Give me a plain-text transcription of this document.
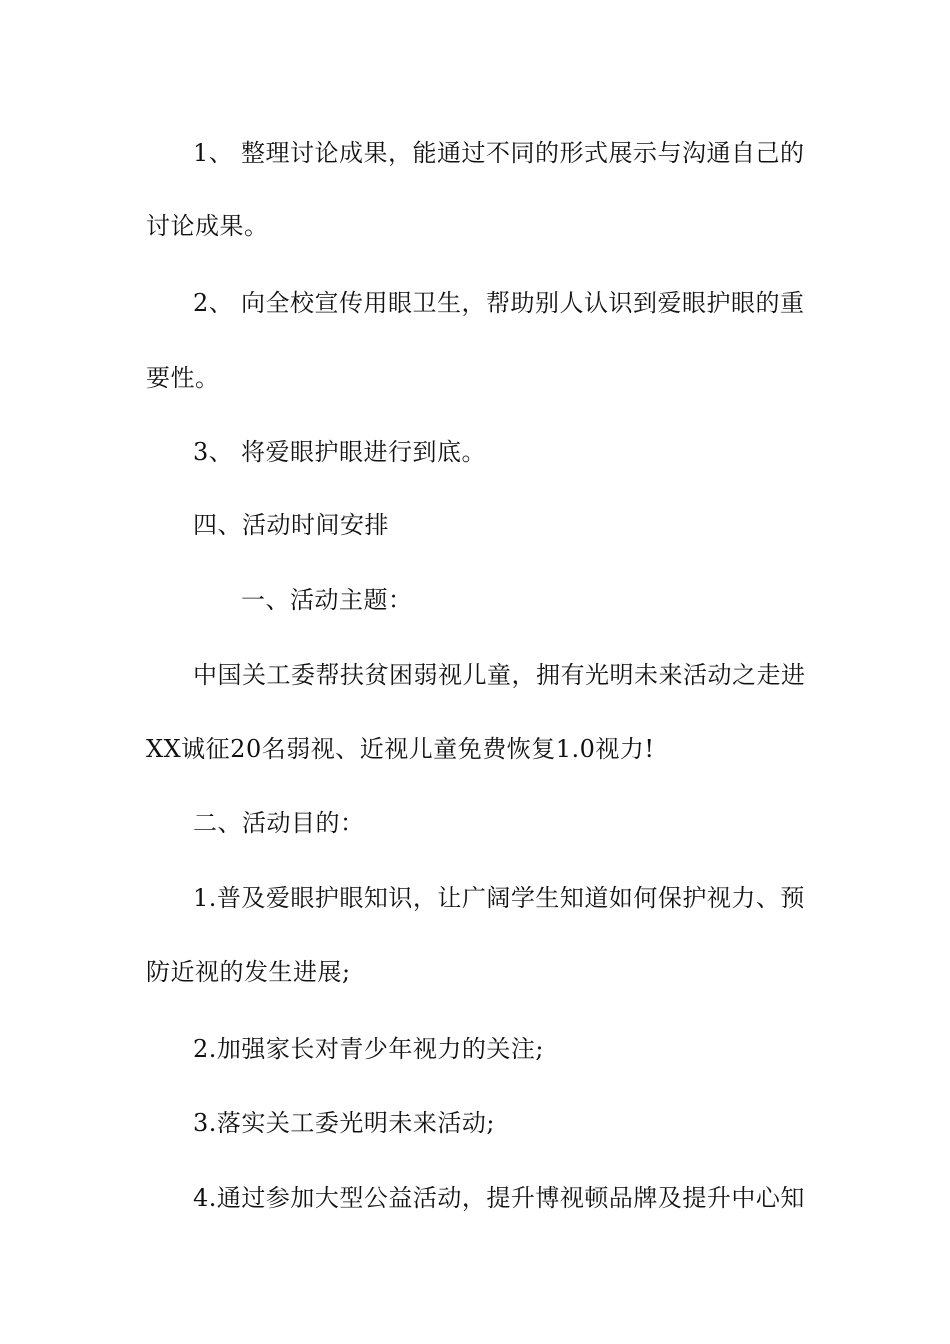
1、 整理讨论成果，能通过不同的形式展示与沟通自己的
讨论成果。
2、 向全校宣传用眼卫生，帮助别人认识到爱眼护眼的重
要性。
3、 将爱眼护眼进行到底。
四、活动时间安排
一、活动主题：
中国关工委帮扶贫困弱视儿童，拥有光明未来活动之走进
XX诚征20名弱视、近视儿童免费恢复1.0视力!
二、活动目的：
1.普及爱眼护眼知识，让广阔学生知道如何保护视力、预
防近视的发生进展;
2.加强家长对青少年视力的关注;
3.落实关工委光明未来活动;
4.通过参加大型公益活动，提升博视顿品牌及提升中心知
